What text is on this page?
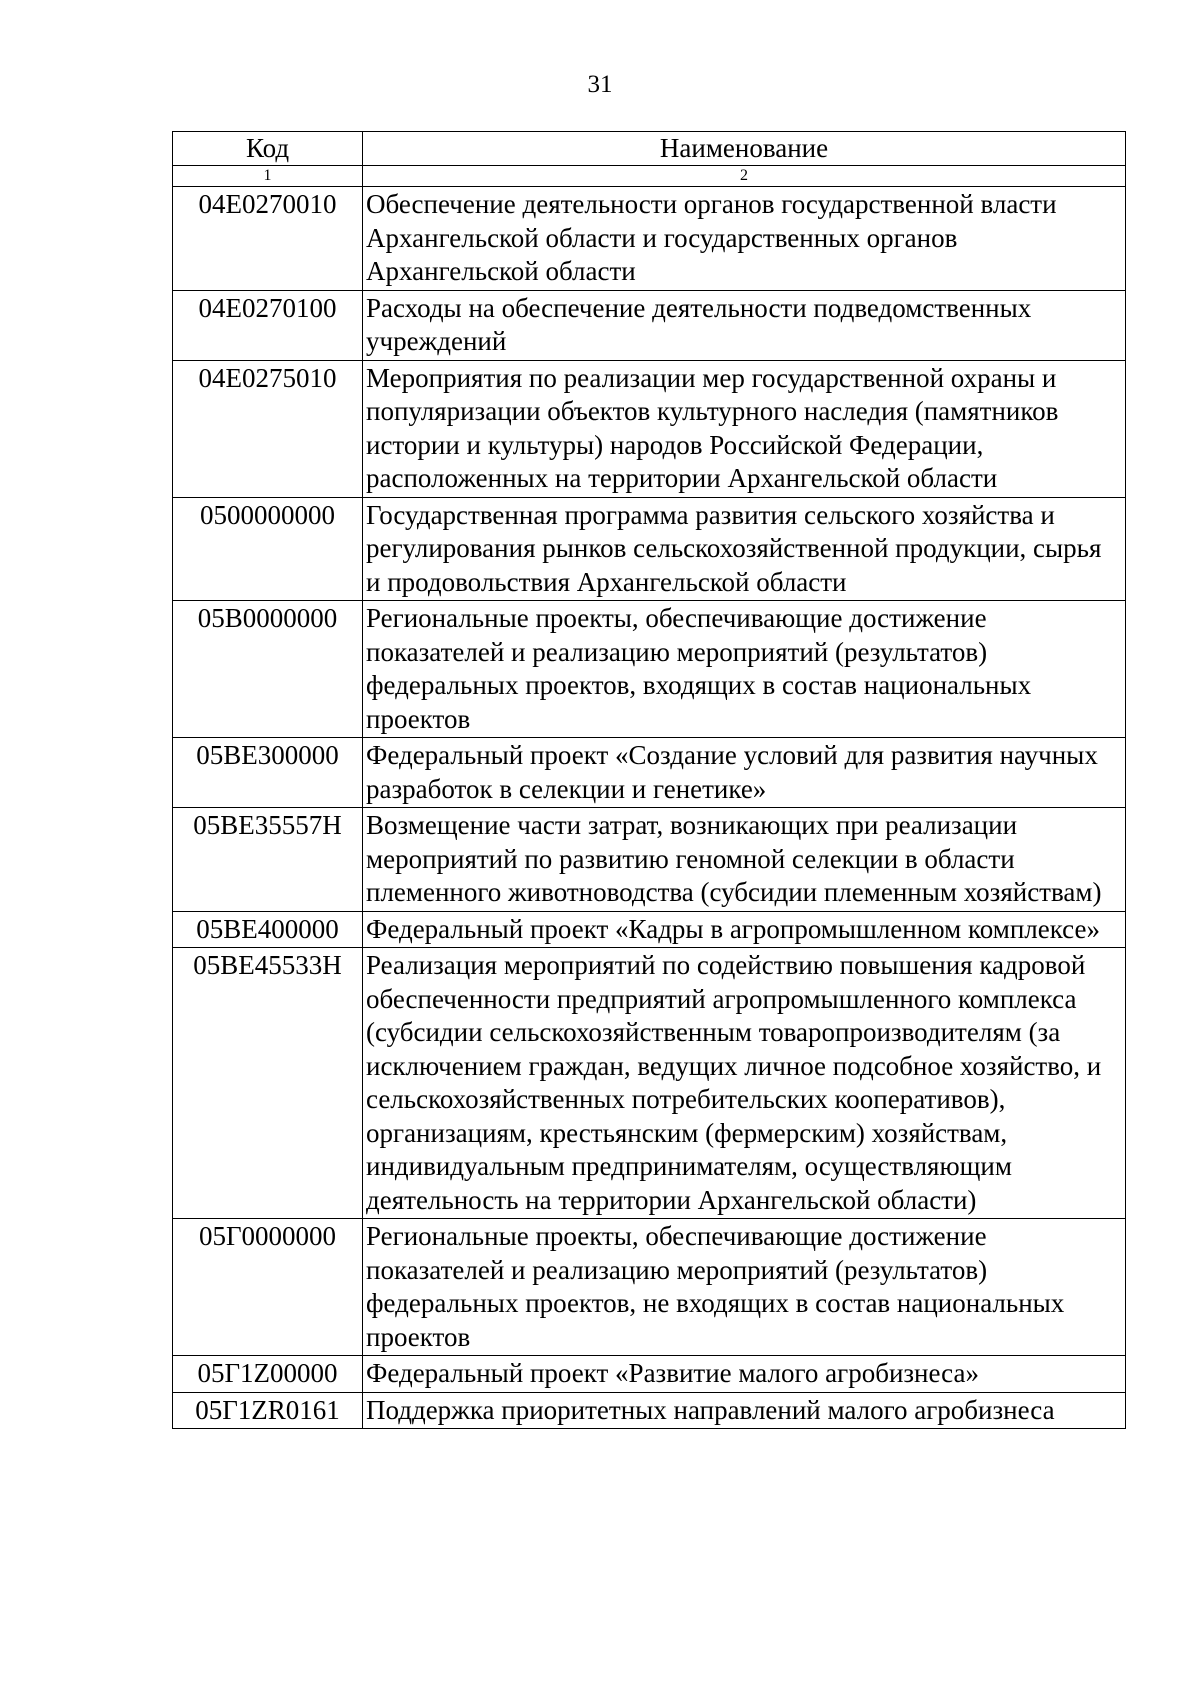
31
Код	Наименование
1	2
04Е0270010	Обеспечение деятельности органов государственной власти Архангельской области и государственных органов Архангельской области
04Е0270100	Расходы на обеспечение деятельности подведомственных учреждений
04Е0275010	Мероприятия по реализации мер государственной охраны и популяризации объектов культурного наследия (памятников истории и культуры) народов Российской Федерации, расположенных на территории Архангельской области
0500000000	Государственная программа развития сельского хозяйства и регулирования рынков сельскохозяйственной продукции, сырья и продовольствия Архангельской области
05В0000000	Региональные проекты, обеспечивающие достижение показателей и реализацию мероприятий (результатов) федеральных проектов, входящих в состав национальных проектов
05ВЕ300000	Федеральный проект «Создание условий для развития научных разработок в селекции и генетике»
05ВЕ35557Н	Возмещение части затрат, возникающих при реализации мероприятий по развитию геномной селекции в области племенного животноводства (субсидии племенным хозяйствам)
05ВЕ400000	Федеральный проект «Кадры в агропромышленном комплексе»
05ВЕ45533Н	Реализация мероприятий по содействию повышения кадровой обеспеченности предприятий агропромышленного комплекса (субсидии сельскохозяйственным товаропроизводителям (за исключением граждан, ведущих личное подсобное хозяйство, и сельскохозяйственных потребительских кооперативов), организациям, крестьянским (фермерским) хозяйствам, индивидуальным предпринимателям, осуществляющим деятельность на территории Архангельской области)
05Г0000000	Региональные проекты, обеспечивающие достижение показателей и реализацию мероприятий (результатов) федеральных проектов, не входящих в состав национальных проектов
05Г1Z00000	Федеральный проект «Развитие малого агробизнеса»
05Г1ZR0161	Поддержка приоритетных направлений малого агробизнеса
